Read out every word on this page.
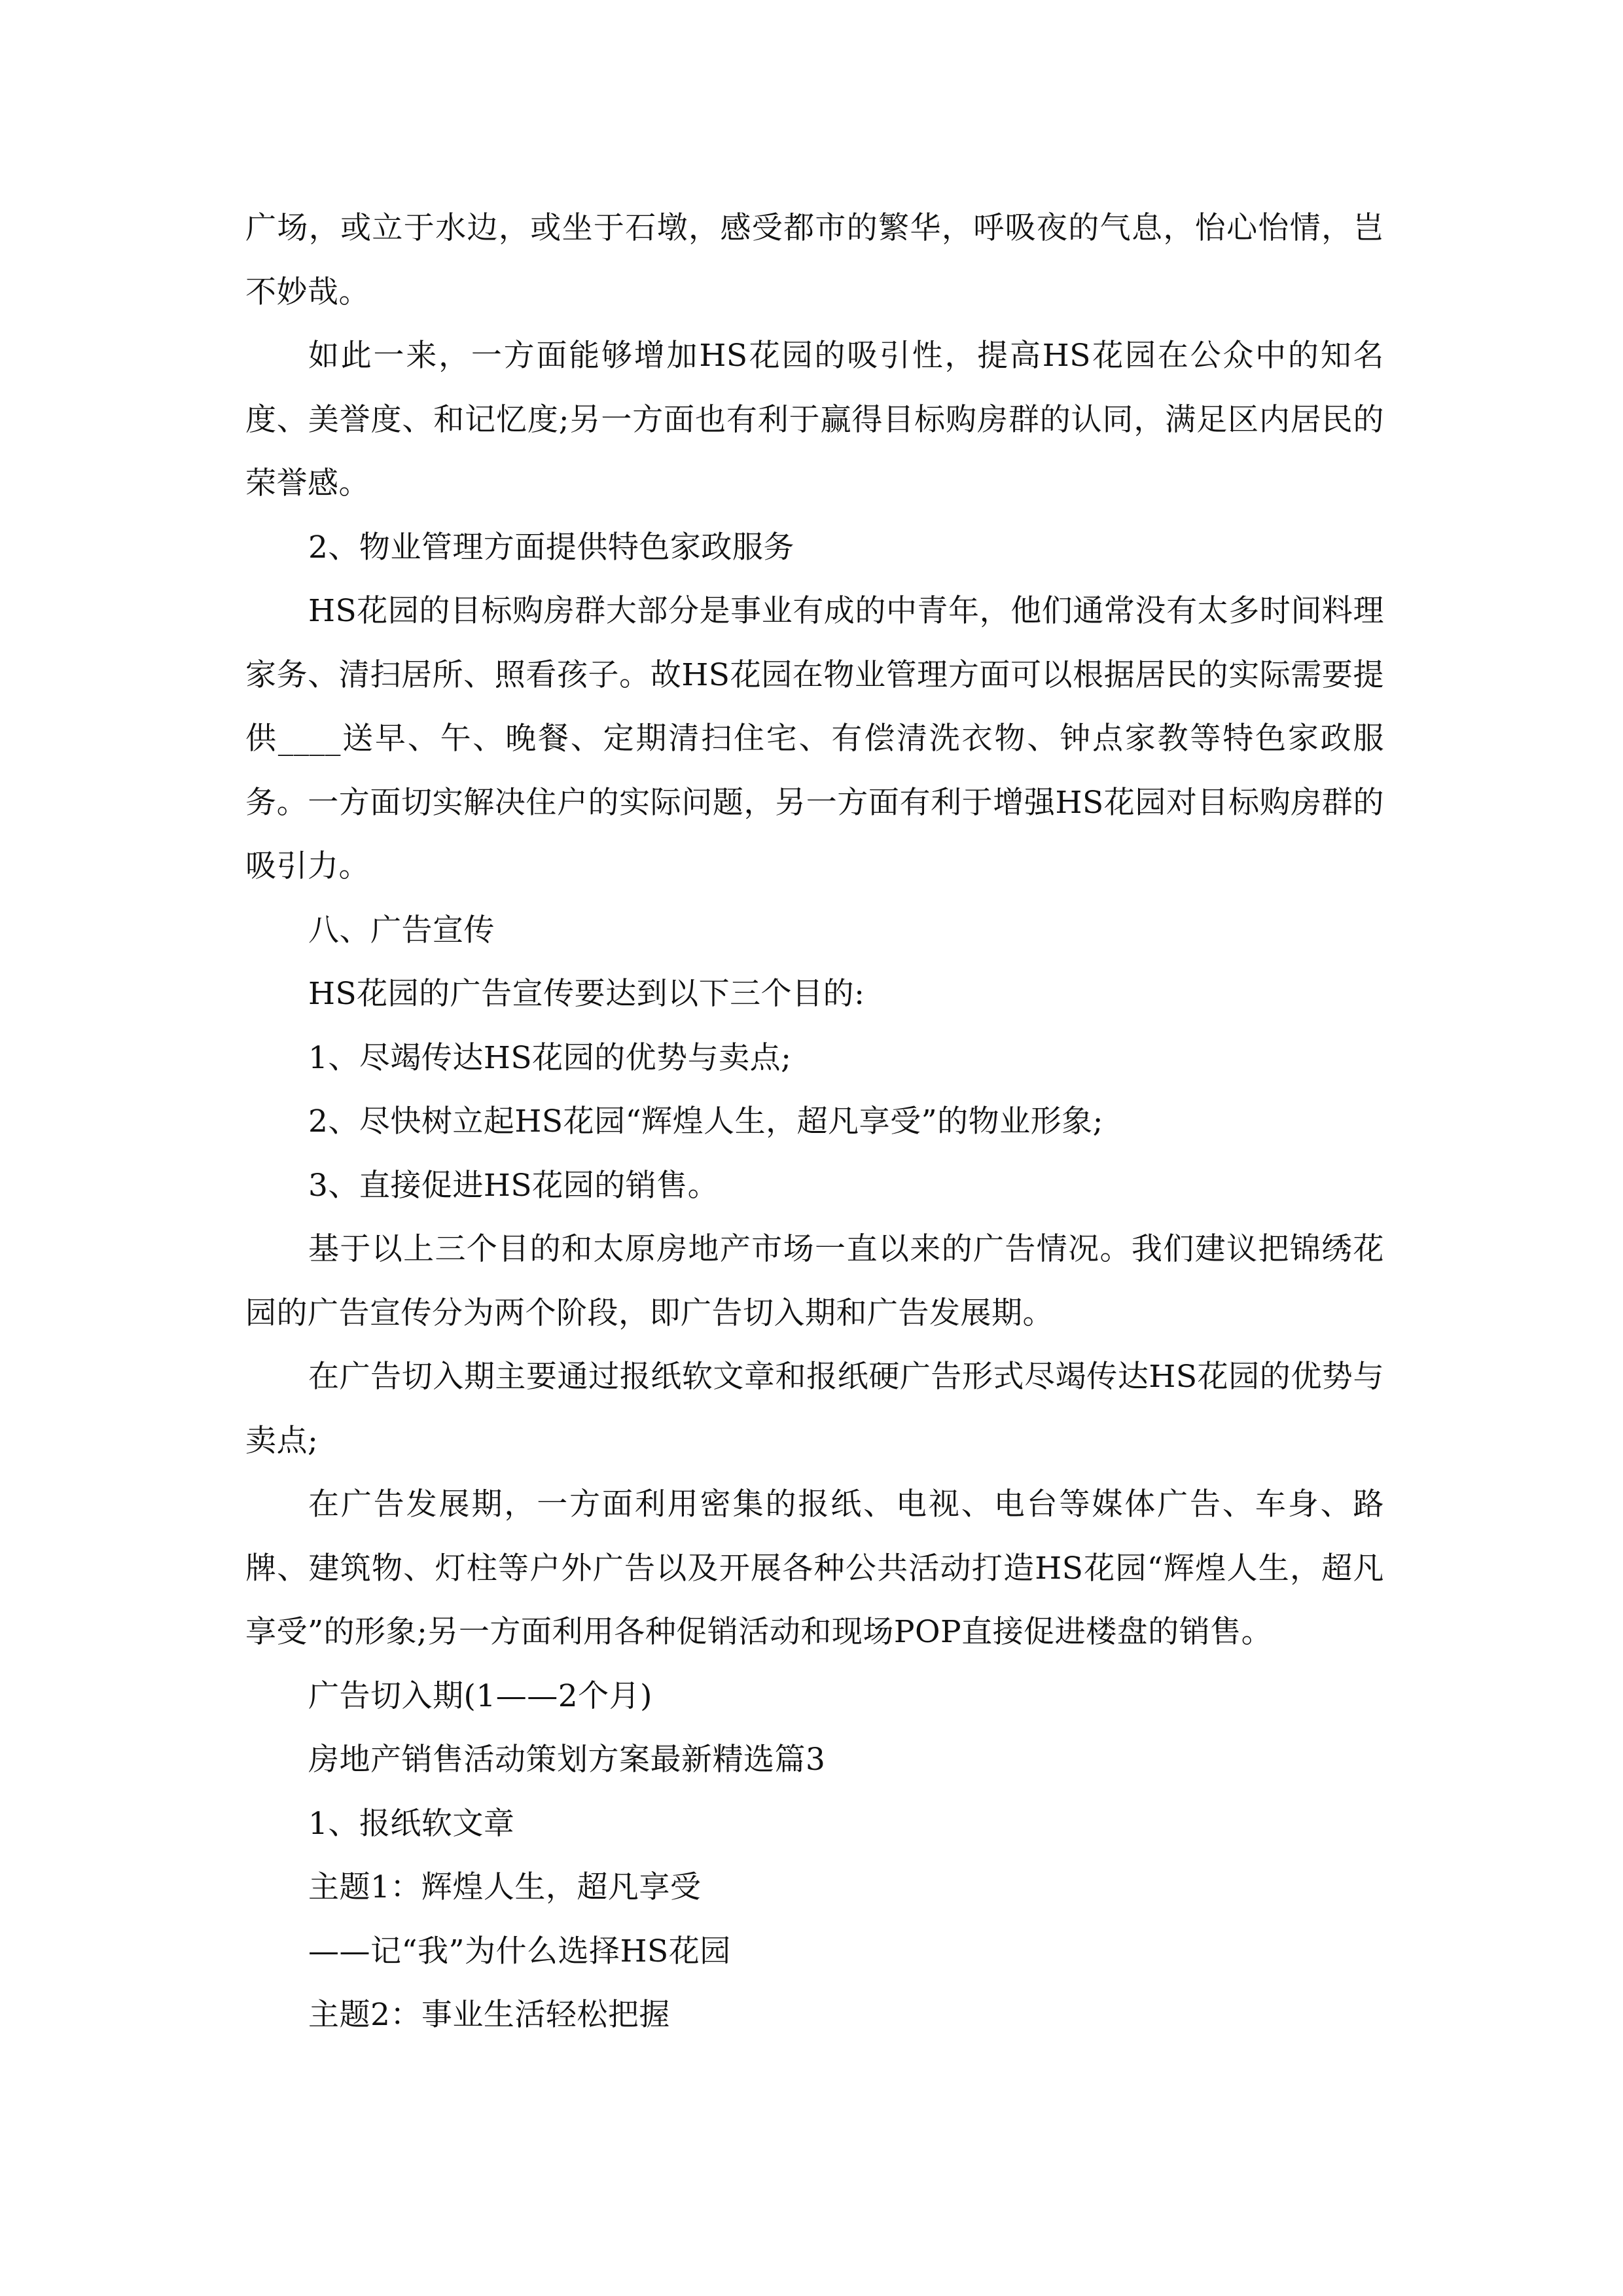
广场，或立于水边，或坐于石墩，感受都市的繁华，呼吸夜的气息，怡心怡情，岂不妙哉。

如此一来，一方面能够增加HS花园的吸引性，提高HS花园在公众中的知名度、美誉度、和记忆度;另一方面也有利于赢得目标购房群的认同，满足区内居民的荣誉感。

2、物业管理方面提供特色家政服务

HS花园的目标购房群大部分是事业有成的中青年，他们通常没有太多时间料理家务、清扫居所、照看孩子。故HS花园在物业管理方面可以根据居民的实际需要提供____送早、午、晚餐、定期清扫住宅、有偿清洗衣物、钟点家教等特色家政服务。一方面切实解决住户的实际问题，另一方面有利于增强HS花园对目标购房群的吸引力。

八、广告宣传

HS花园的广告宣传要达到以下三个目的:

1、尽竭传达HS花园的优势与卖点;

2、尽快树立起HS花园“辉煌人生，超凡享受”的物业形象;

3、直接促进HS花园的销售。

基于以上三个目的和太原房地产市场一直以来的广告情况。我们建议把锦绣花园的广告宣传分为两个阶段，即广告切入期和广告发展期。

在广告切入期主要通过报纸软文章和报纸硬广告形式尽竭传达HS花园的优势与卖点;

在广告发展期，一方面利用密集的报纸、电视、电台等媒体广告、车身、路牌、建筑物、灯柱等户外广告以及开展各种公共活动打造HS花园“辉煌人生，超凡享受”的形象;另一方面利用各种促销活动和现场POP直接促进楼盘的销售。

广告切入期(1——2个月)

房地产销售活动策划方案最新精选篇3

1、报纸软文章

主题1：辉煌人生，超凡享受

——记“我”为什么选择HS花园

主题2：事业生活轻松把握
